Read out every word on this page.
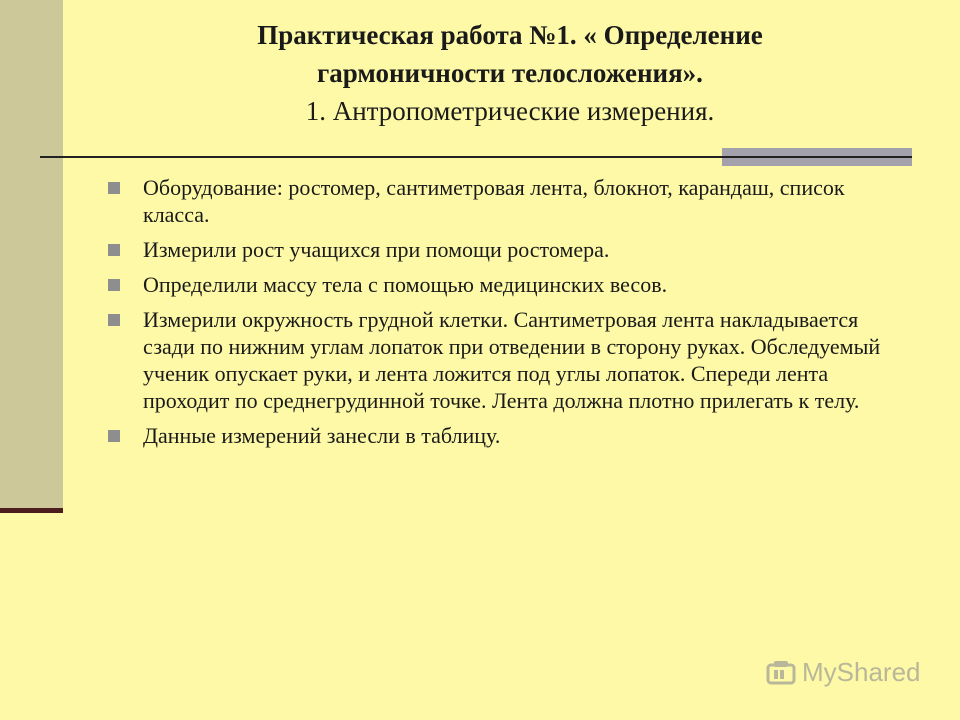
Практическая работа №1. « Определение
гармоничности телосложения».
1. Антропометрические измерения.
Оборудование: ростомер, сантиметровая лента, блокнот, карандаш, список класса.
Измерили рост учащихся при помощи ростомера.
Определили массу тела с помощью медицинских весов.
Измерили окружность грудной клетки. Сантиметровая лента накладывается сзади по нижним углам лопаток при отведении в сторону руках. Обследуемый ученик опускает руки, и лента ложится под углы лопаток. Спереди лента проходит по среднегрудинной точке. Лента должна плотно прилегать к телу.
Данные измерений занесли в таблицу.
MyShared
